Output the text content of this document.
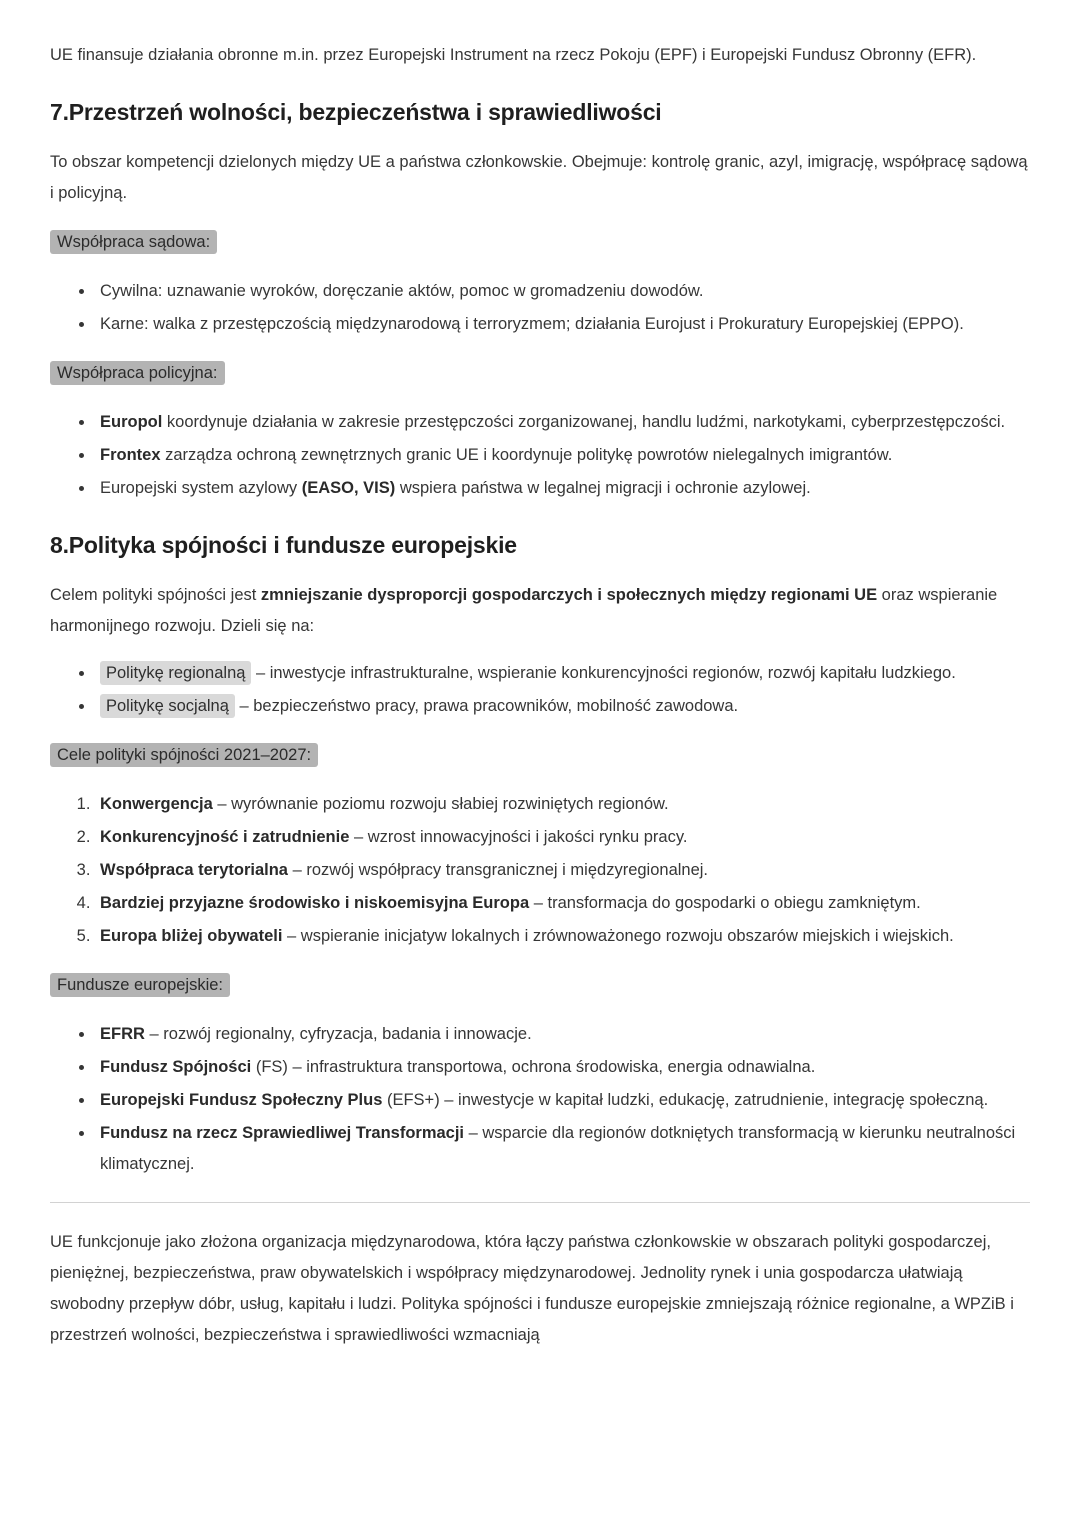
UE finansuje działania obronne m.in. przez Europejski Instrument na rzecz Pokoju (EPF) i Europejski Fundusz Obronny (EFR).

7.Przestrzeń wolności, bezpieczeństwa i sprawiedliwości

To obszar kompetencji dzielonych między UE a państwa członkowskie. Obejmuje: kontrolę granic, azyl, imigrację, współpracę sądową i policyjną.

Współpraca sądowa:

• Cywilna: uznawanie wyroków, doręczanie aktów, pomoc w gromadzeniu dowodów.
• Karne: walka z przestępczością międzynarodową i terroryzmem; działania Eurojust i Prokuratury Europejskiej (EPPO).

Współpraca policyjna:

• Europol koordynuje działania w zakresie przestępczości zorganizowanej, handlu ludźmi, narkotykami, cyberprzestępczości.
• Frontex zarządza ochroną zewnętrznych granic UE i koordynuje politykę powrotów nielegalnych imigrantów.
• Europejski system azylowy (EASO, VIS) wspiera państwa w legalnej migracji i ochronie azylowej.
8.Polityka spójności i fundusze europejskie

Celem polityki spójności jest zmniejszanie dysproporcji gospodarczych i społecznych między regionami UE oraz wspieranie harmonijnego rozwoju. Dzieli się na:

• Politykę regionalną – inwestycje infrastrukturalne, wspieranie konkurencyjności regionów, rozwój kapitału ludzkiego.
• Politykę socjalną – bezpieczeństwo pracy, prawa pracowników, mobilność zawodowa.

Cele polityki spójności 2021–2027:

1. Konwergencja – wyrównanie poziomu rozwoju słabiej rozwiniętych regionów.
2. Konkurencyjność i zatrudnienie – wzrost innowacyjności i jakości rynku pracy.
3. Współpraca terytorialna – rozwój współpracy transgranicznej i międzyregionalnej.
4. Bardziej przyjazne środowisko i niskoemisyjna Europa – transformacja do gospodarki o obiegu zamkniętym.
5. Europa bliżej obywateli – wspieranie inicjatyw lokalnych i zrównoważonego rozwoju obszarów miejskich i wiejskich.

Fundusze europejskie:

• EFRR – rozwój regionalny, cyfryzacja, badania i innowacje.
• Fundusz Spójności (FS) – infrastruktura transportowa, ochrona środowiska, energia odnawialna.
• Europejski Fundusz Społeczny Plus (EFS+) – inwestycje w kapitał ludzki, edukację, zatrudnienie, integrację społeczną.
• Fundusz na rzecz Sprawiedliwej Transformacji – wsparcie dla regionów dotkniętych transformacją w kierunku neutralności klimatycznej.

UE funkcjonuje jako złożona organizacja międzynarodowa, która łączy państwa członkowskie w obszarach polityki gospodarczej, pieniężnej, bezpieczeństwa, praw obywatelskich i współpracy międzynarodowej. Jednolity rynek i unia gospodarcza ułatwiają swobodny przepływ dóbr, usług, kapitału i ludzi. Polityka spójności i fundusze europejskie zmniejszają różnice regionalne, a WPZiB i przestrzeń wolności, bezpieczeństwa i sprawiedliwości wzmacniają
